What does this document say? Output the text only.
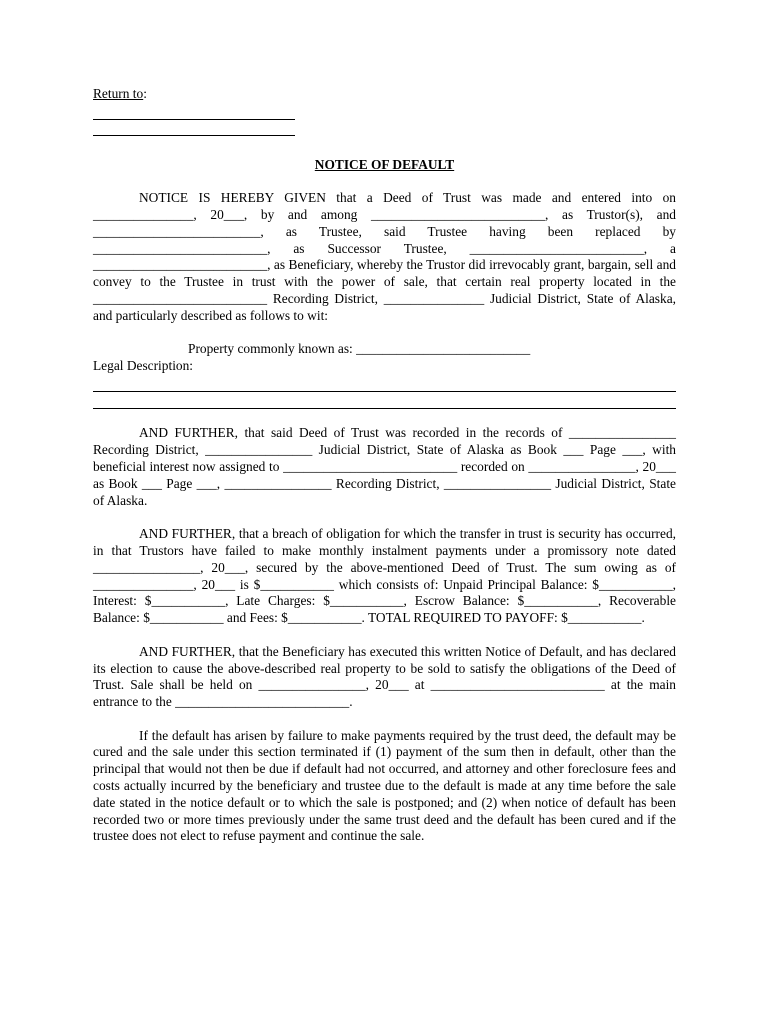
Return to:

NOTICE OF DEFAULT

NOTICE IS HEREBY GIVEN that a Deed of Trust was made and entered into on _______________, 20___, by and among __________________________, as Trustor(s), and _________________________, as Trustee, said Trustee having been replaced by __________________________, as Successor Trustee, __________________________, a __________________________, as Beneficiary, whereby the Trustor did irrevocably grant, bargain, sell and convey to the Trustee in trust with the power of sale, that certain real property located in the __________________________ Recording District, _______________ Judicial District, State of Alaska, and particularly described as follows to wit:

Property commonly known as: __________________________

Legal Description:

AND FURTHER, that said Deed of Trust was recorded in the records of ________________ Recording District, ________________ Judicial District, State of Alaska as Book ___ Page ___, with beneficial interest now assigned to __________________________ recorded on ________________, 20___ as Book ___ Page ___, ________________ Recording District, ________________ Judicial District, State of Alaska.

AND FURTHER, that a breach of obligation for which the transfer in trust is security has occurred, in that Trustors have failed to make monthly instalment payments under a promissory note dated ________________, 20___, secured by the above-mentioned Deed of Trust. The sum owing as of _______________, 20___ is $___________ which consists of: Unpaid Principal Balance: $___________, Interest: $___________, Late Charges: $___________, Escrow Balance: $___________, Recoverable Balance: $___________ and Fees: $___________. TOTAL REQUIRED TO PAYOFF: $___________.

AND FURTHER, that the Beneficiary has executed this written Notice of Default, and has declared its election to cause the above-described real property to be sold to satisfy the obligations of the Deed of Trust. Sale shall be held on ________________, 20___ at __________________________ at the main entrance to the __________________________.

If the default has arisen by failure to make payments required by the trust deed, the default may be cured and the sale under this section terminated if (1) payment of the sum then in default, other than the principal that would not then be due if default had not occurred, and attorney and other foreclosure fees and costs actually incurred by the beneficiary and trustee due to the default is made at any time before the sale date stated in the notice default or to which the sale is postponed; and (2) when notice of default has been recorded two or more times previously under the same trust deed and the default has been cured and if the trustee does not elect to refuse payment and continue the sale.
